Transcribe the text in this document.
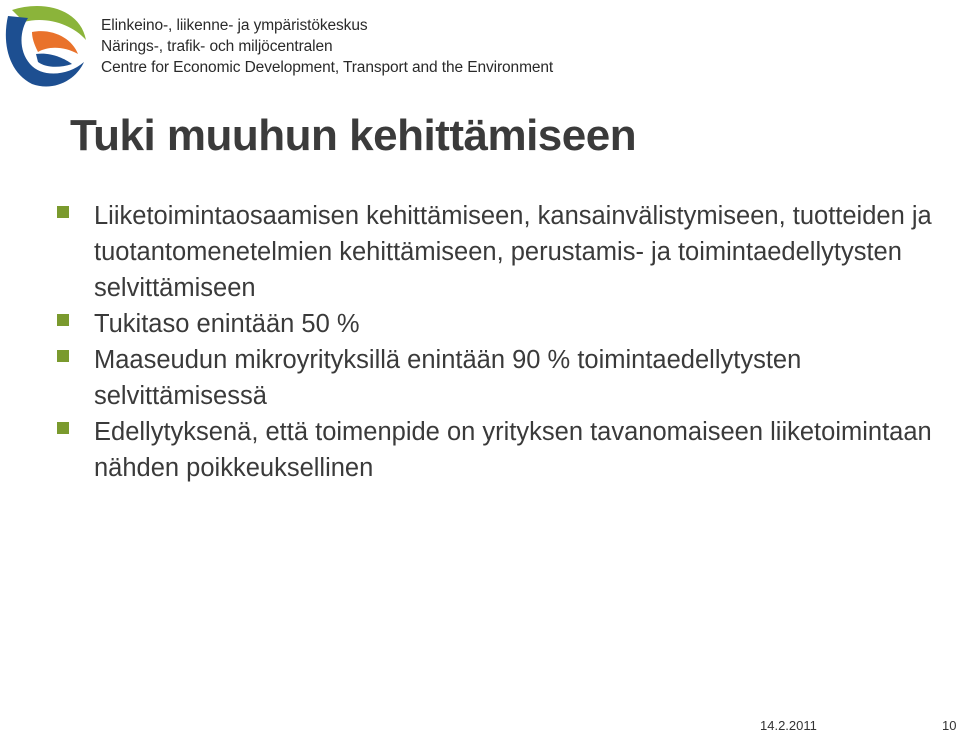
Elinkeino-, liikenne- ja ympäristökeskus
Närings-, trafik- och miljöcentralen
Centre for Economic Development, Transport and the Environment
Tuki muuhun kehittämiseen
Liiketoimintaosaamisen kehittämiseen, kansainvälistymiseen, tuotteiden ja tuotantomenetelmien kehittämiseen, perustamis- ja toimintaedellytysten selvittämiseen
Tukitaso enintään 50 %
Maaseudun mikroyrityksillä enintään 90 % toimintaedellytysten selvittämisessä
Edellytyksenä, että toimenpide on yrityksen tavanomaiseen liiketoimintaan nähden poikkeuksellinen
14.2.2011	10
